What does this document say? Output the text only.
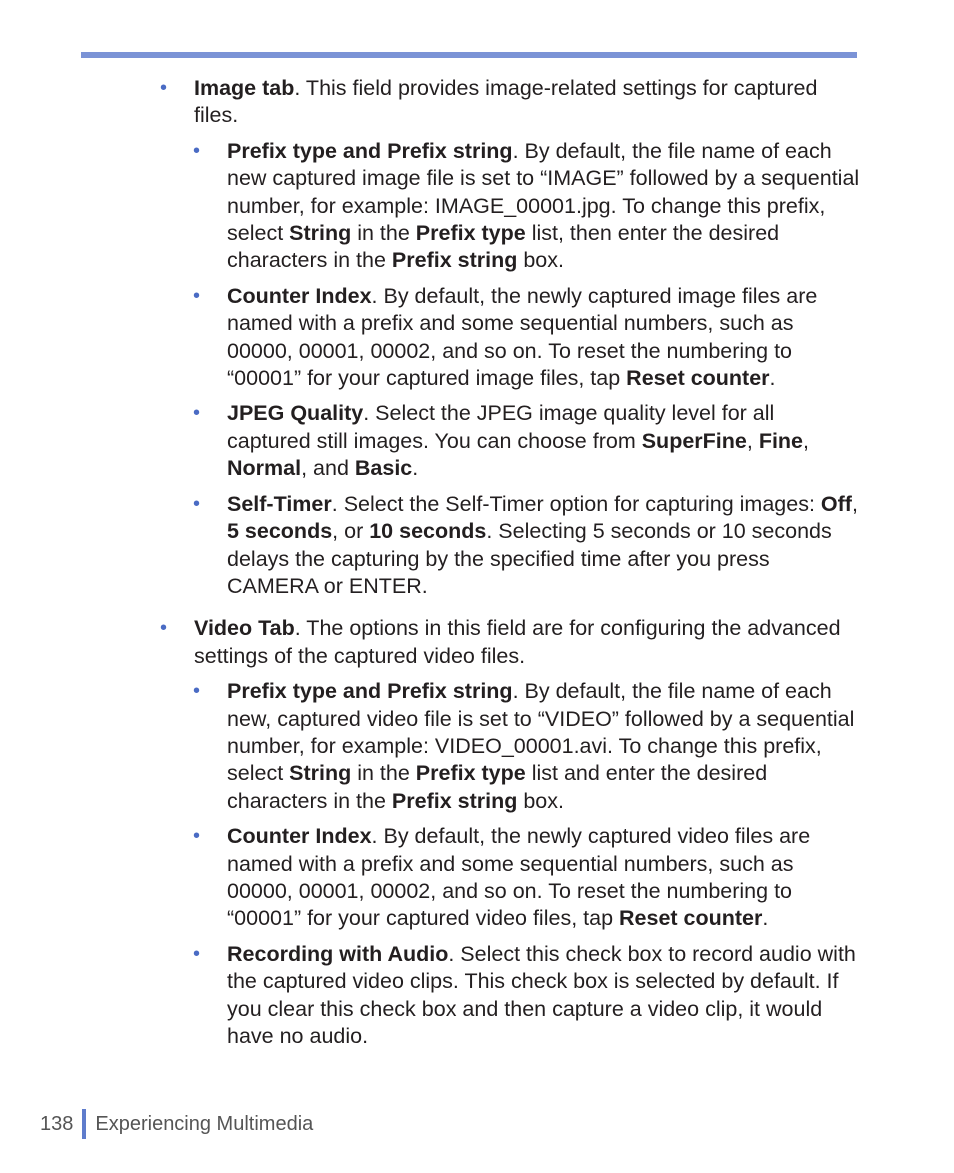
• Image tab. This field provides image-related settings for captured files.
• Prefix type and Prefix string. By default, the file name of each new captured image file is set to “IMAGE” followed by a sequential number, for example: IMAGE_00001.jpg. To change this prefix, select String in the Prefix type list, then enter the desired characters in the Prefix string box.
• Counter Index. By default, the newly captured image files are named with a prefix and some sequential numbers, such as 00000, 00001, 00002, and so on. To reset the numbering to “00001” for your captured image files, tap Reset counter.
• JPEG Quality. Select the JPEG image quality level for all captured still images. You can choose from SuperFine, Fine, Normal, and Basic.
• Self-Timer. Select the Self-Timer option for capturing images: Off, 5 seconds, or 10 seconds. Selecting 5 seconds or 10 seconds delays the capturing by the specified time after you press CAMERA or ENTER.
• Video Tab. The options in this field are for configuring the advanced settings of the captured video files.
• Prefix type and Prefix string. By default, the file name of each new, captured video file is set to “VIDEO” followed by a sequential number, for example: VIDEO_00001.avi. To change this prefix, select String in the Prefix type list and enter the desired characters in the Prefix string box.
• Counter Index. By default, the newly captured video files are named with a prefix and some sequential numbers, such as 00000, 00001, 00002, and so on. To reset the numbering to “00001” for your captured video files, tap Reset counter.
• Recording with Audio. Select this check box to record audio with the captured video clips. This check box is selected by default. If you clear this check box and then capture a video clip, it would have no audio.
138 Experiencing Multimedia
